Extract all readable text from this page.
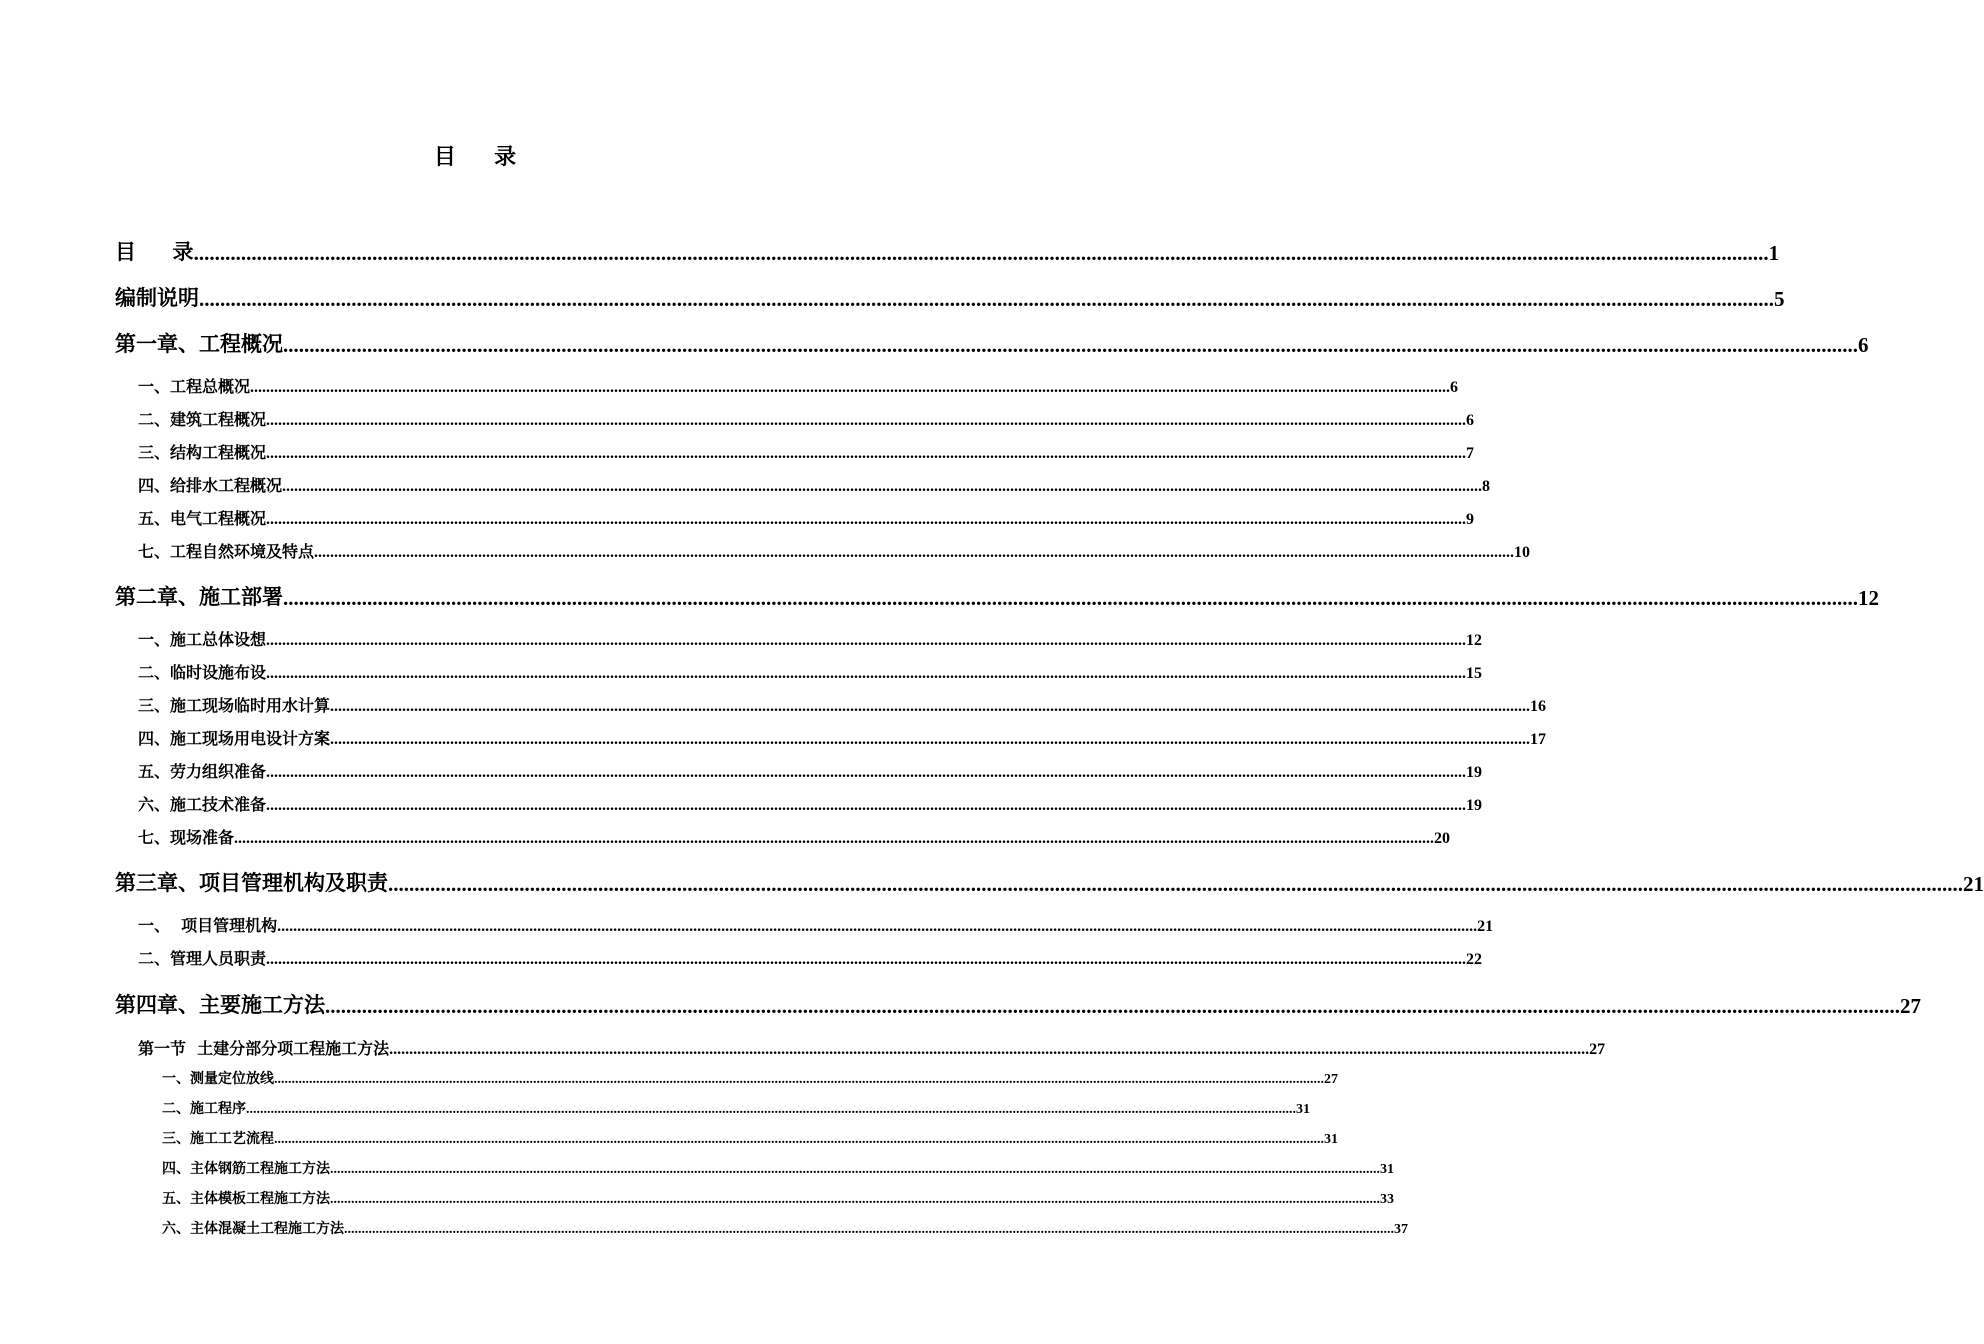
目     录
目     录 ............................................................................................................................................................................................................................................................................................................ 1
编制说明 ............................................................................................................................................................................................................................................................................................................ 5
第一章、工程概况 ............................................................................................................................................................................................................................................................................................................ 6
一、工程总概况 ............................................................................................................................................................................................................................................................................................................ 6
二、建筑工程概况 ............................................................................................................................................................................................................................................................................................................ 6
三、结构工程概况 ............................................................................................................................................................................................................................................................................................................ 7
四、给排水工程概况 ............................................................................................................................................................................................................................................................................................................ 8
五、电气工程概况 ............................................................................................................................................................................................................................................................................................................ 9
七、工程自然环境及特点 ............................................................................................................................................................................................................................................................................................................ 10
第二章、施工部署 ............................................................................................................................................................................................................................................................................................................ 12
一、施工总体设想 ............................................................................................................................................................................................................................................................................................................ 12
二、临时设施布设 ............................................................................................................................................................................................................................................................................................................ 15
三、施工现场临时用水计算 ............................................................................................................................................................................................................................................................................................................ 16
四、施工现场用电设计方案 ............................................................................................................................................................................................................................................................................................................ 17
五、劳力组织准备 ............................................................................................................................................................................................................................................................................................................ 19
六、施工技术准备 ............................................................................................................................................................................................................................................................................................................ 19
七、现场准备 ............................................................................................................................................................................................................................................................................................................ 20
第三章、项目管理机构及职责 ............................................................................................................................................................................................................................................................................................................ 21
一、  项目管理机构 ............................................................................................................................................................................................................................................................................................................ 21
二、管理人员职责 ............................................................................................................................................................................................................................................................................................................ 22
第四章、主要施工方法 ............................................................................................................................................................................................................................................................................................................ 27
第一节  土建分部分项工程施工方法 ............................................................................................................................................................................................................................................................................................................ 27
一、测量定位放线 ............................................................................................................................................................................................................................................................................................................ 27
二、施工程序 ............................................................................................................................................................................................................................................................................................................ 31
三、施工工艺流程 ............................................................................................................................................................................................................................................................................................................ 31
四、主体钢筋工程施工方法 ............................................................................................................................................................................................................................................................................................................ 31
五、主体模板工程施工方法 ............................................................................................................................................................................................................................................................................................................ 33
六、主体混凝土工程施工方法 ............................................................................................................................................................................................................................................................................................................ 37
